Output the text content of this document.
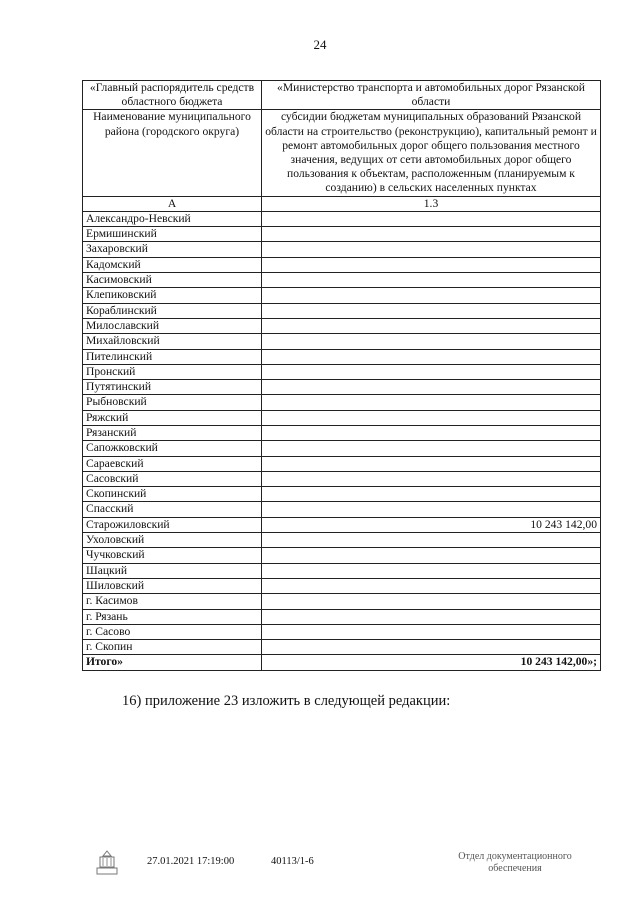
24
«Главный распорядитель средств областного бюджета	«Министерство транспорта и автомобильных дорог Рязанской области
Наименование муниципального района (городского округа)	субсидии бюджетам муниципальных образований Рязанской области на строительство (реконструкцию), капитальный ремонт и ремонт автомобильных дорог общего пользования местного значения, ведущих от сети автомобильных дорог общего пользования к объектам, расположенным (планируемым к созданию) в сельских населенных пунктах
А	1.3
Александро-Невский	
Ермишинский	
Захаровский	
Кадомский	
Касимовский	
Клепиковский	
Кораблинский	
Милославский	
Михайловский	
Пителинский	
Пронский	
Путятинский	
Рыбновский	
Ряжский	
Рязанский	
Сапожковский	
Сараевский	
Сасовский	
Скопинский	
Спасский	
Старожиловский	10 243 142,00
Ухоловский	
Чучковский	
Шацкий	
Шиловский	
г. Касимов	
г. Рязань	
г. Сасово	
г. Скопин	
Итого»	10 243 142,00»;
16) приложение 23 изложить в следующей редакции:
27.01.2021 17:19:00	40113/1-6	Отдел документационного обеспечения
